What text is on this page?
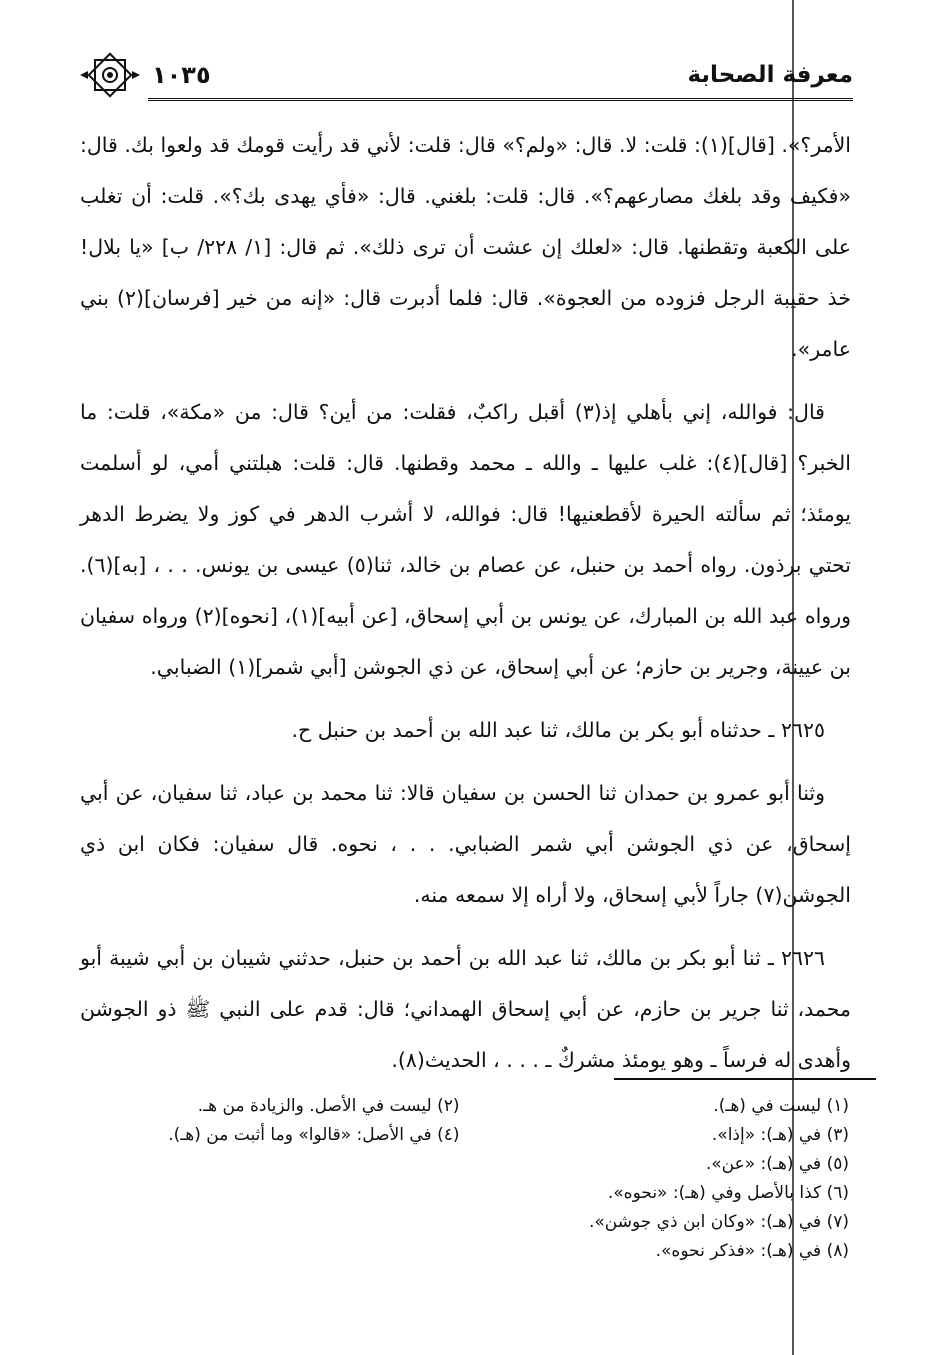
معرفة الصحابة
١٠٣٥

الأمر؟». [قال](١): قلت: لا. قال: «ولم؟» قال: قلت: لأني قد رأيت قومك قد ولعوا بك. قال: «فكيف وقد بلغك مصارعهم؟». قال: قلت: بلغني. قال: «فأي يهدى بك؟». قلت: أن تغلب على الكعبة وتقطنها. قال: «لعلك إن عشت أن ترى ذلك». ثم قال: [١/ ٢٢٨/ ب] «يا بلال! خذ حقيبة الرجل فزوده من العجوة». قال: فلما أدبرت قال: «إنه من خير [فرسان](٢) بني عامر».

قال: فوالله، إني بأهلي إذ(٣) أقبل راكبٌ، فقلت: من أين؟ قال: من «مكة»، قلت: ما الخبر؟ [قال](٤): غلب عليها ـ والله ـ محمد وقطنها. قال: قلت: هبلتني أمي، لو أسلمت يومئذ؛ ثم سألته الحيرة لأقطعنيها! قال: فوالله، لا أشرب الدهر في كوز ولا يضرط الدهر تحتي برذون. رواه أحمد بن حنبل، عن عصام بن خالد، ثنا(٥) عيسى بن يونس. . . ، [به](٦). ورواه عبد الله بن المبارك، عن يونس بن أبي إسحاق، [عن أبيه](١)، [نحوه](٢) ورواه سفيان بن عيينة، وجرير بن حازم؛ عن أبي إسحاق، عن ذي الجوشن [أبي شمر](١) الضبابي.

٢٦٢٥ ـ حدثناه أبو بكر بن مالك، ثنا عبد الله بن أحمد بن حنبل ح.

وثنا أبو عمرو بن حمدان ثنا الحسن بن سفيان قالا: ثنا محمد بن عباد، ثنا سفيان، عن أبي إسحاق، عن ذي الجوشن أبي شمر الضبابي. . . ، نحوه. قال سفيان: فكان ابن ذي الجوشن(٧) جاراً لأبي إسحاق، ولا أراه إلا سمعه منه.

٢٦٢٦ ـ ثنا أبو بكر بن مالك، ثنا عبد الله بن أحمد بن حنبل، حدثني شيبان بن أبي شيبة أبو محمد، ثنا جرير بن حازم، عن أبي إسحاق الهمداني؛ قال: قدم على النبي ﷺ ذو الجوشن وأهدى له فرساً ـ وهو يومئذ مشركٌ ـ . . . ، الحديث(٨).

(١) ليست في (هـ).
(٣) في (هـ): «إذا».
(٥) في (هـ): «عن».
(٦) كذا بالأصل وفي (هـ): «نحوه».
(٧) في (هـ): «وكان ابن ذي جوشن».
(٨) في (هـ): «فذكر نحوه».
(٢) ليست في الأصل. والزيادة من هـ.
(٤) في الأصل: «قالوا» وما أثبت من (هـ).
